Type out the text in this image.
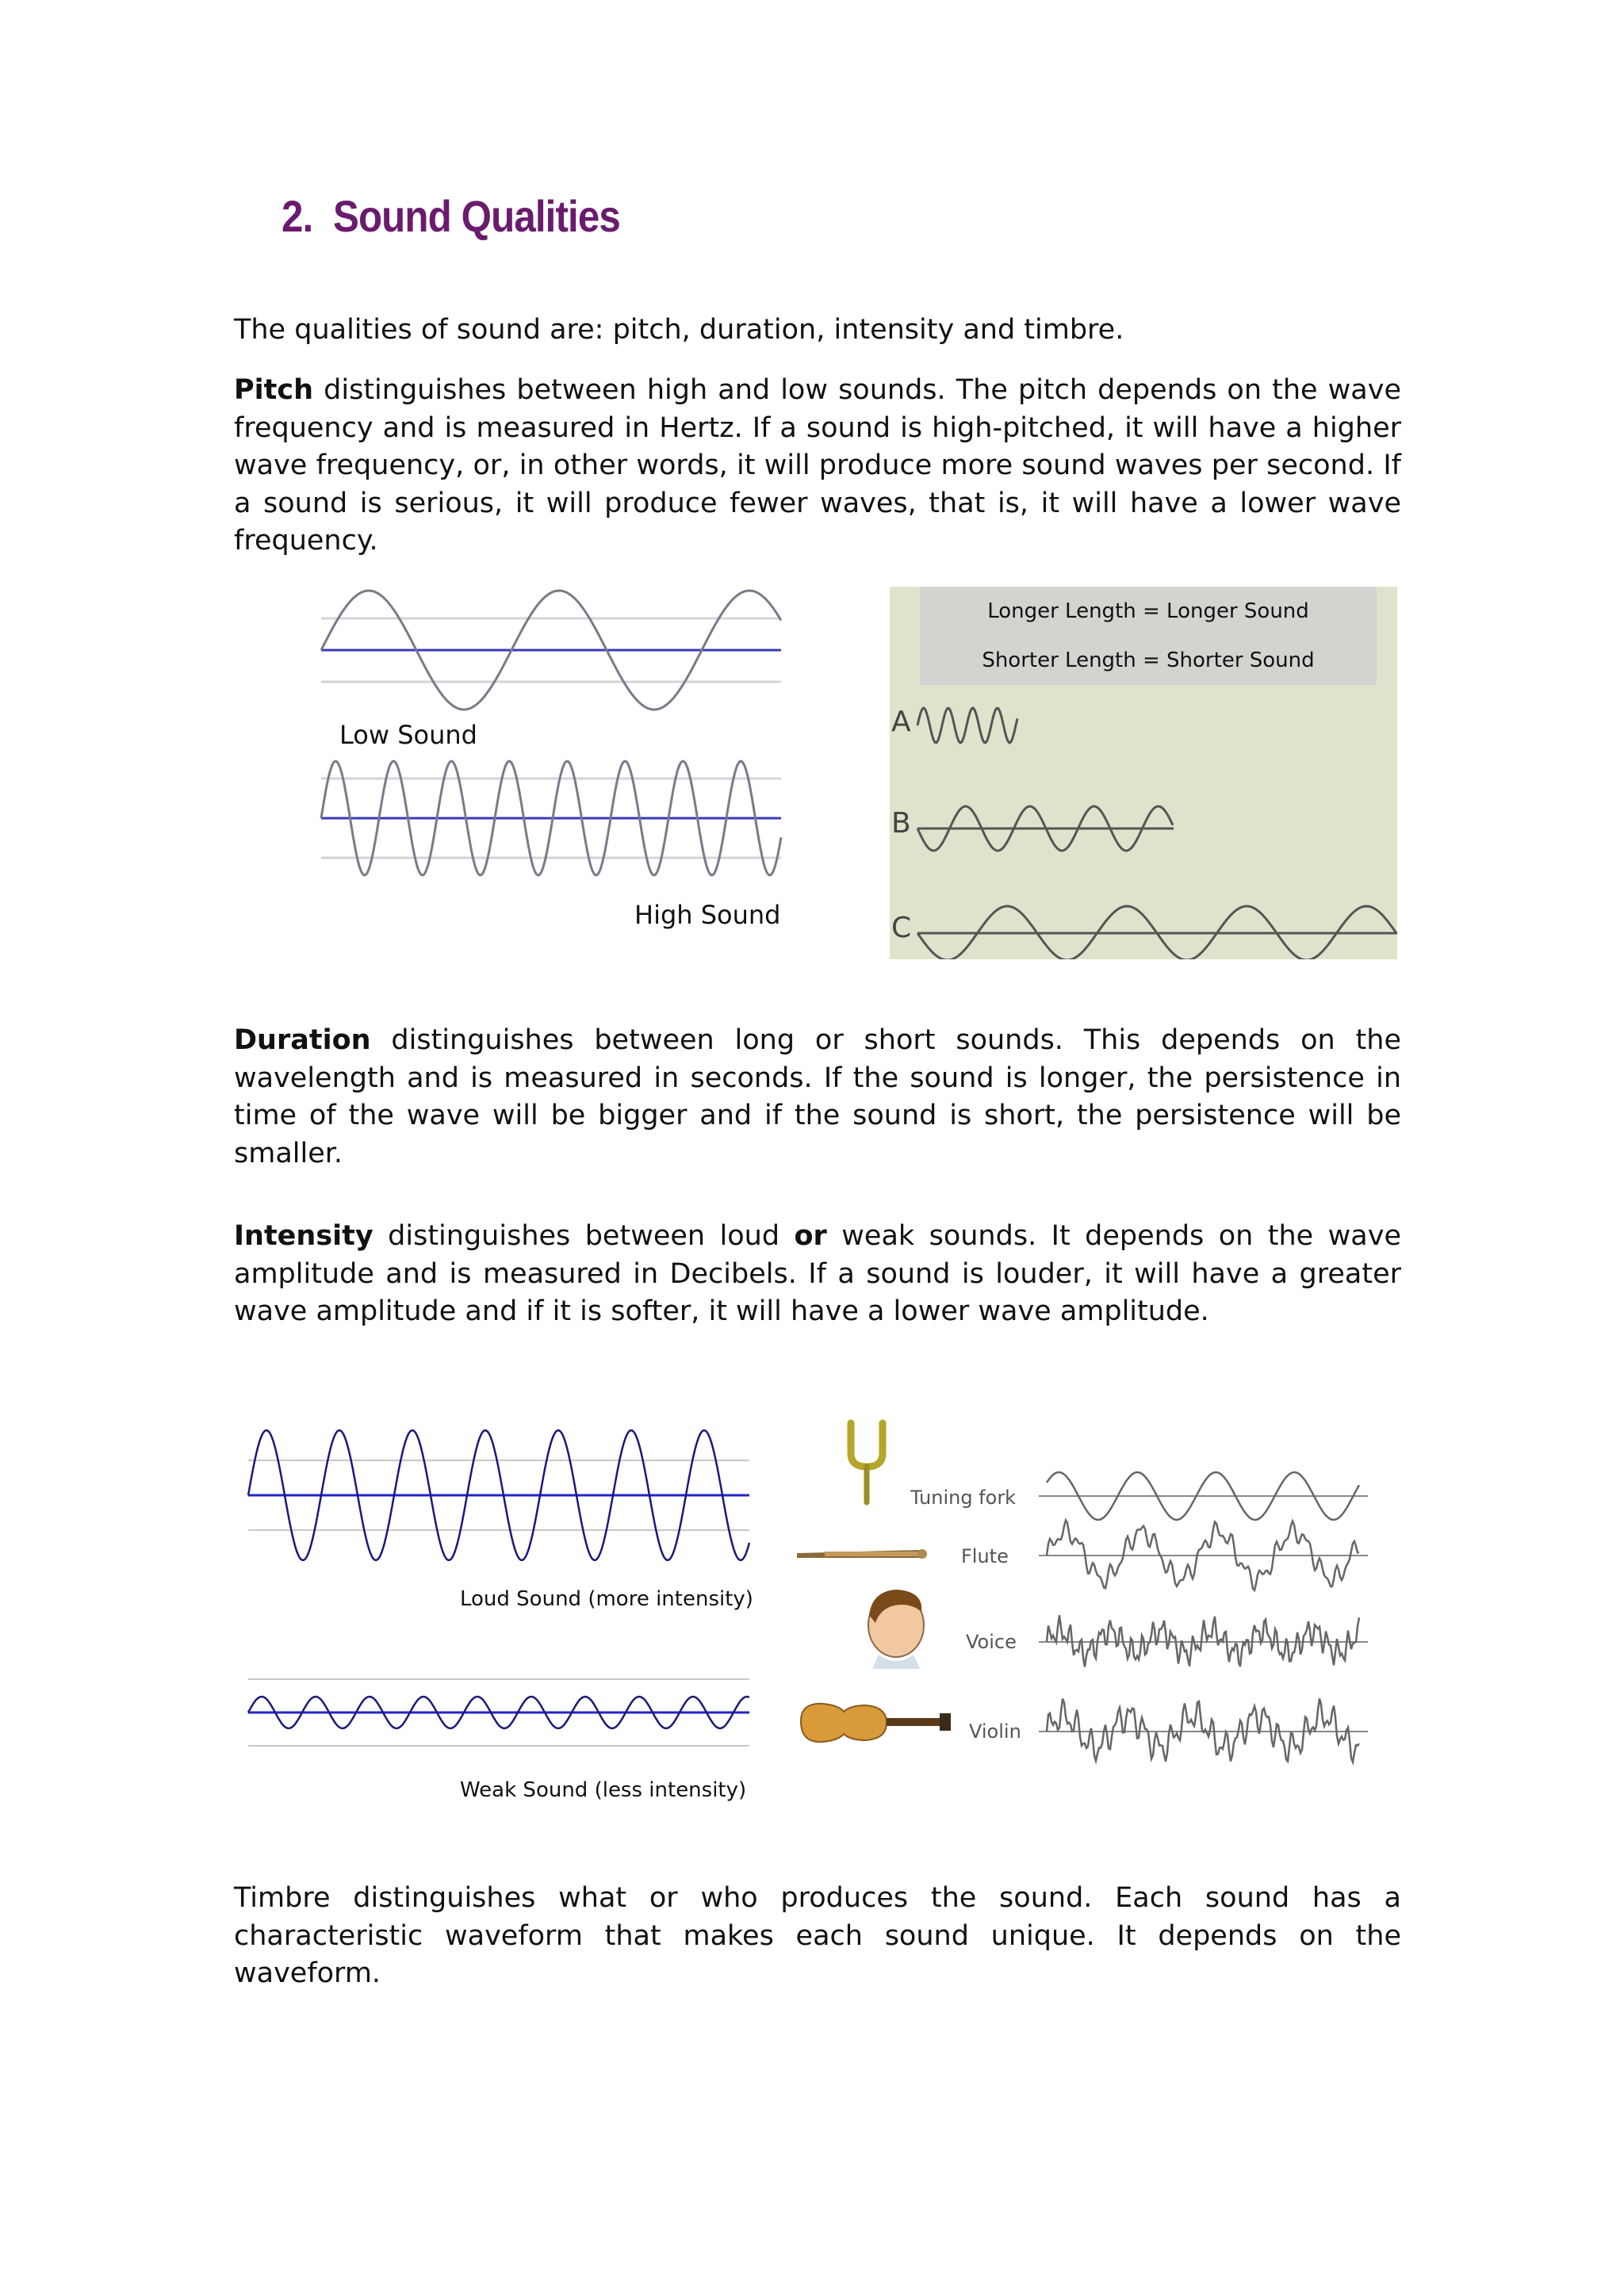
2. Sound Qualities

The qualities of sound are: pitch, duration, intensity and timbre.

Pitch distinguishes between high and low sounds. The pitch depends on the wave frequency and is measured in Hertz. If a sound is high-pitched, it will have a higher wave frequency, or, in other words, it will produce more sound waves per second. If a sound is serious, it will produce fewer waves, that is, it will have a lower wave frequency.

Low Sound
High Sound
Longer Length = Longer Sound
Shorter Length = Shorter Sound
A
B
C

Duration distinguishes between long or short sounds. This depends on the wavelength and is measured in seconds. If the sound is longer, the persistence in time of the wave will be bigger and if the sound is short, the persistence will be smaller.

Intensity distinguishes between loud or weak sounds. It depends on the wave amplitude and is measured in Decibels. If a sound is louder, it will have a greater wave amplitude and if it is softer, it will have a lower wave amplitude.

Loud Sound (more intensity)
Weak Sound (less intensity)
Tuning fork
Flute
Voice
Violin

Timbre distinguishes what or who produces the sound. Each sound has a characteristic waveform that makes each sound unique. It depends on the waveform.
